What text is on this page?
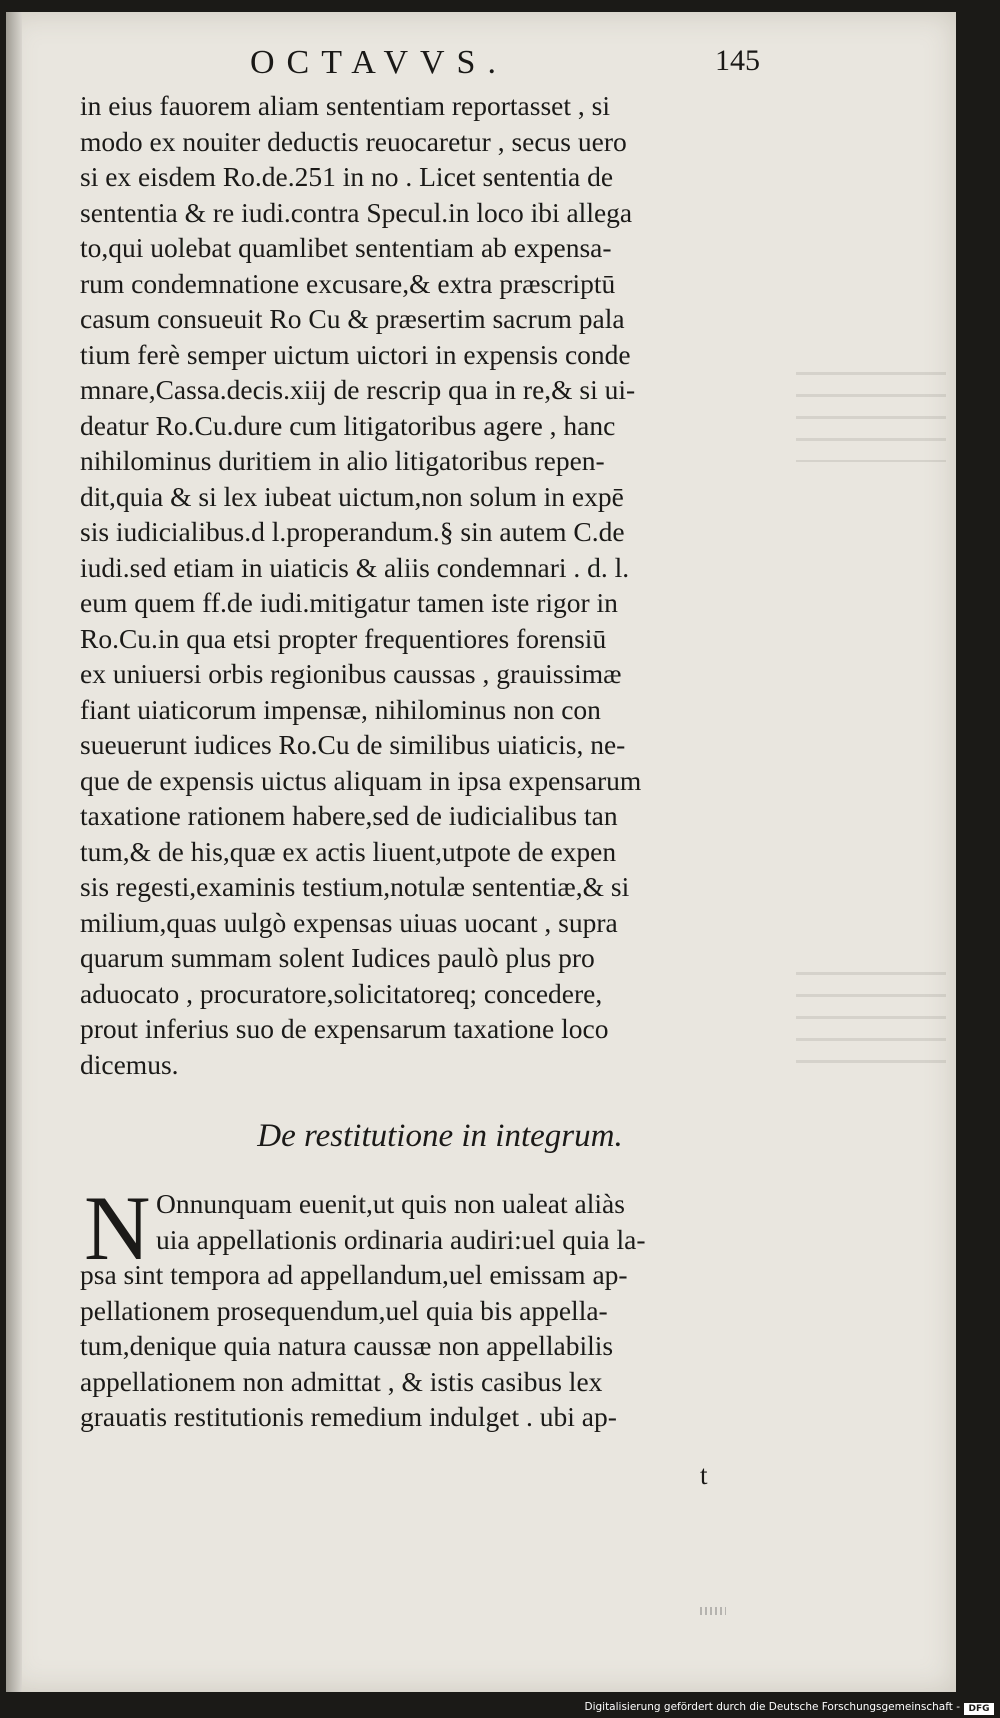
OCTAVVS.	145
in eius fauorem aliam sententiam reportasset , si
modo ex nouiter deductis reuocaretur , secus uero
si ex eisdem Ro.de.251 in no . Licet sententia de
sententia & re iudi.contra Specul.in loco ibi allega
to,qui uolebat quamlibet sententiam ab expensa-
rum condemnatione excusare,& extra præscriptū
casum consueuit Ro Cu & præsertim sacrum pala
tium ferè semper uictum uictori in expensis conde
mnare,Cassa.decis.xiij de rescrip qua in re,& si ui-
deatur Ro.Cu.dure cum litigatoribus agere , hanc
nihilominus duritiem in alio litigatoribus repen-
dit,quia & si lex iubeat uictum,non solum in expē
sis iudicialibus.d l.properandum.§ sin autem C.de
iudi.sed etiam in uiaticis & aliis condemnari . d. l.
eum quem ff.de iudi.mitigatur tamen iste rigor in
Ro.Cu.in qua etsi propter frequentiores forensiū
ex uniuersi orbis regionibus caussas , grauissimæ
fiant uiaticorum impensæ, nihilominus non con
sueuerunt iudices Ro.Cu de similibus uiaticis, ne-
que de expensis uictus aliquam in ipsa expensarum
taxatione rationem habere,sed de iudicialibus tan
tum,& de his,quæ ex actis liuent,utpote de expen
sis regesti,examinis testium,notulæ sententiæ,& si
milium,quas uulgò expensas uiuas uocant , supra
quarum summam solent Iudices paulò plus pro
aduocato , procuratore,solicitatoreq; concedere,
prout inferius suo de expensarum taxatione loco
dicemus.
De restitutione in integrum.
N Onnunquam euenit,ut quis non ualeat aliàs
uia appellationis ordinaria audiri:uel quia la-
psa sint tempora ad appellandum,uel emissam ap-
pellationem prosequendum,uel quia bis appella-
tum,denique quia natura caussæ non appellabilis
appellationem non admittat , & istis casibus lex
grauatis restitutionis remedium indulget . ubi ap-
t
Digitalisierung gefördert durch die Deutsche Forschungsgemeinschaft - DFG
